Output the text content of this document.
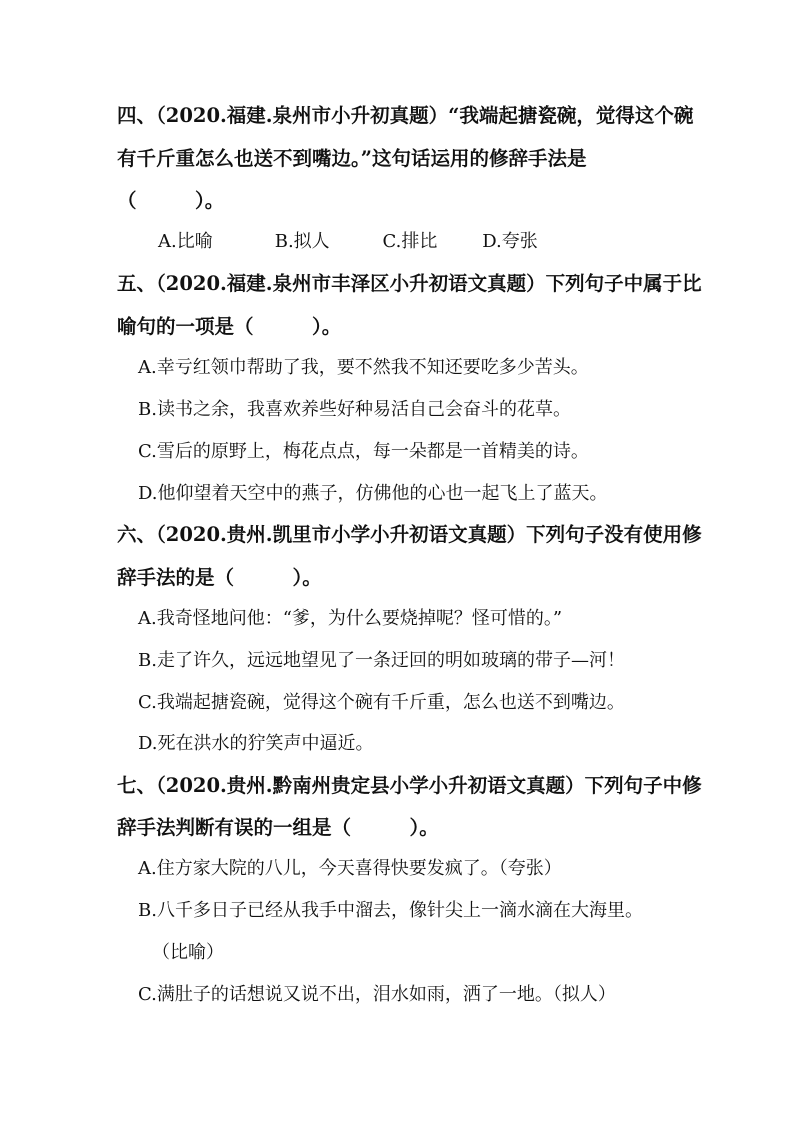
四、（2020.福建.泉州市小升初真题）“我端起搪瓷碗，觉得这个碗
有千斤重怎么也送不到嘴边。”这句话运用的修辞手法是
（　　　）。
A.比喻	B.拟人	C.排比 D.夸张
五、（2020.福建.泉州市丰泽区小升初语文真题）下列句子中属于比
喻句的一项是（　　　）。
A.幸亏红领巾帮助了我，要不然我不知还要吃多少苦头。
B.读书之余，我喜欢养些好种易活自己会奋斗的花草。
C.雪后的原野上，梅花点点，每一朵都是一首精美的诗。
D.他仰望着天空中的燕子，仿佛他的心也一起飞上了蓝天。
六、（2020.贵州.凯里市小学小升初语文真题）下列句子没有使用修
辞手法的是（　　　）。
A.我奇怪地问他：“爹，为什么要烧掉呢？怪可惜的。”
B.走了许久，远远地望见了一条迂回的明如玻璃的带子—河！
C.我端起搪瓷碗，觉得这个碗有千斤重，怎么也送不到嘴边。
D.死在洪水的狞笑声中逼近。
七、（2020.贵州.黔南州贵定县小学小升初语文真题）下列句子中修
辞手法判断有误的一组是（　　　）。
A.住方家大院的八儿，今天喜得快要发疯了。（夸张）
B.八千多日子已经从我手中溜去，像针尖上一滴水滴在大海里。
（比喻）
C.满肚子的话想说又说不出，泪水如雨，洒了一地。（拟人）
